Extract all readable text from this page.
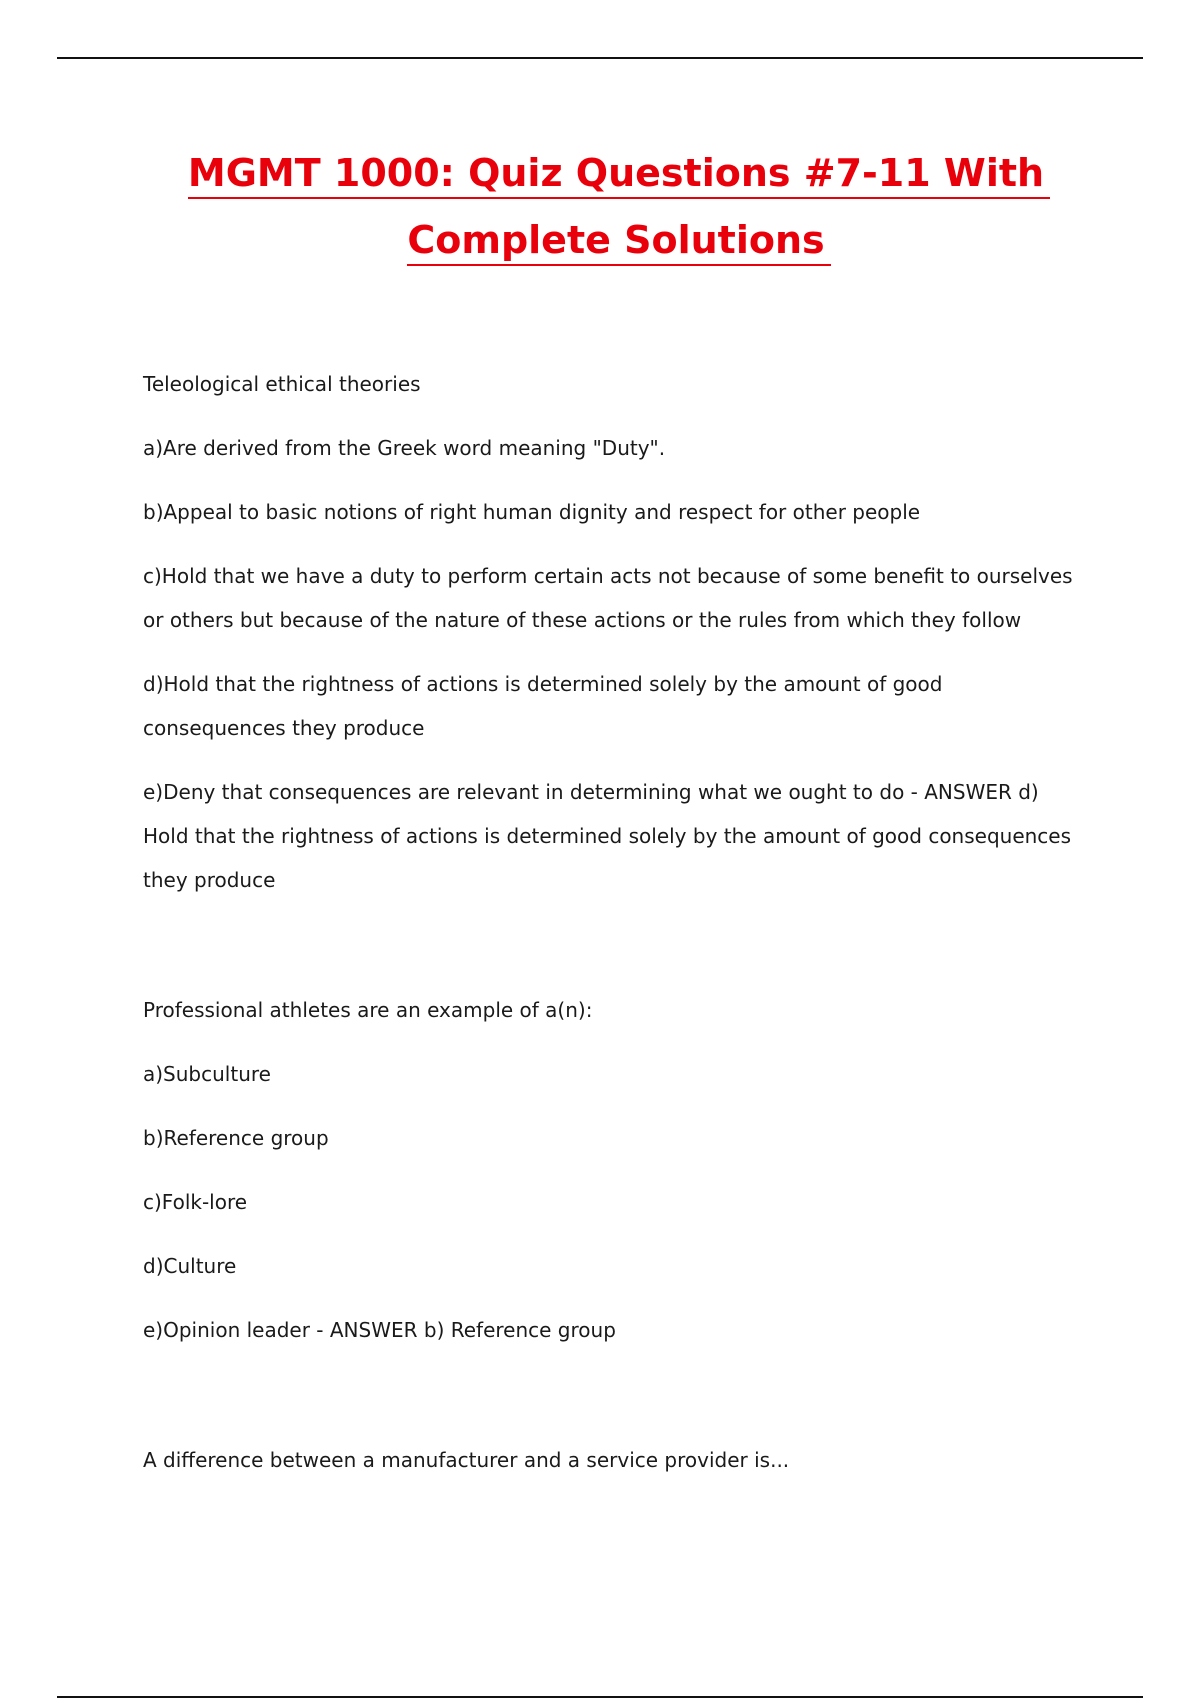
MGMT 1000: Quiz Questions #7-11 With
Complete Solutions

Teleological ethical theories

a)Are derived from the Greek word meaning "Duty".

b)Appeal to basic notions of right human dignity and respect for other people

c)Hold that we have a duty to perform certain acts not because of some benefit to ourselves or others but because of the nature of these actions or the rules from which they follow

d)Hold that the rightness of actions is determined solely by the amount of good consequences they produce

e)Deny that consequences are relevant in determining what we ought to do - ANSWER d) Hold that the rightness of actions is determined solely by the amount of good consequences they produce

Professional athletes are an example of a(n):

a)Subculture

b)Reference group

c)Folk-lore

d)Culture

e)Opinion leader - ANSWER b) Reference group

A difference between a manufacturer and a service provider is...
